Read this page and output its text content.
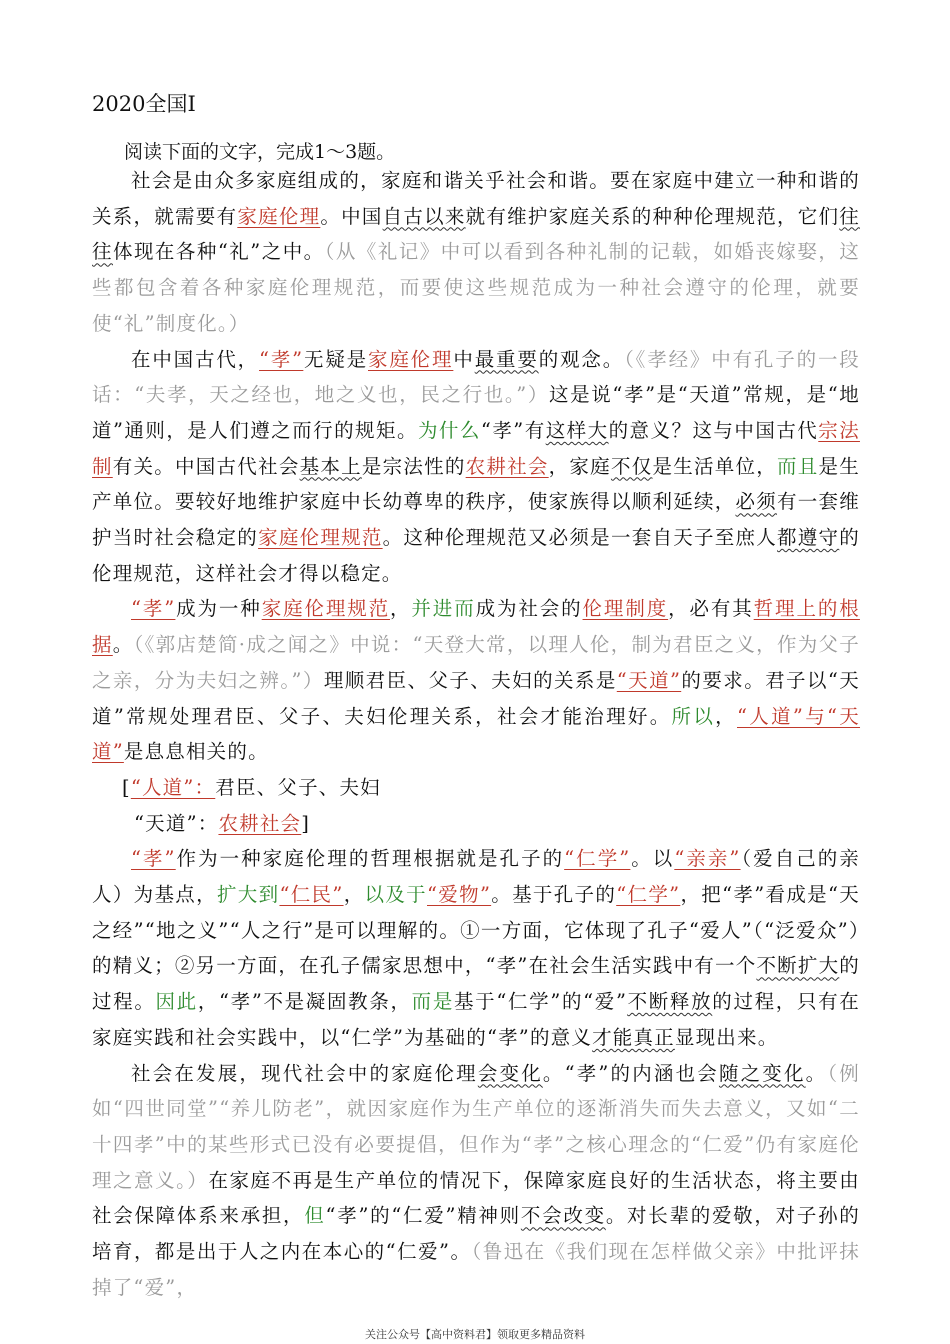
2020全国Ⅰ
阅读下面的文字，完成1～3题。

社会是由众多家庭组成的，家庭和谐关乎社会和谐。要在家庭中建立一种和谐的关系，就需要有家庭伦理。中国自古以来就有维护家庭关系的种种伦理规范，它们往往体现在各种“礼”之中。（从《礼记》中可以看到各种礼制的记载，如婚丧嫁娶，这些都包含着各种家庭伦理规范，而要使这些规范成为一种社会遵守的伦理，就要使“礼”制度化。）

在中国古代，“孝”无疑是家庭伦理中最重要的观念。（《孝经》中有孔子的一段话：“夫孝，天之经也，地之义也，民之行也。”）这是说“孝”是“天道”常规，是“地道”通则，是人们遵之而行的规矩。为什么“孝”有这样大的意义？这与中国古代宗法制有关。中国古代社会基本上是宗法性的农耕社会，家庭不仅是生活单位，而且是生产单位。要较好地维护家庭中长幼尊卑的秩序，使家族得以顺利延续，必须有一套维护当时社会稳定的家庭伦理规范。这种伦理规范又必须是一套自天子至庶人都遵守的伦理规范，这样社会才得以稳定。

“孝”成为一种家庭伦理规范，并进而成为社会的伦理制度，必有其哲理上的根据。（《郭店楚简·成之闻之》中说：“天登大常，以理人伦，制为君臣之义，作为父子之亲，分为夫妇之辨。”）理顺君臣、父子、夫妇的关系是“天道”的要求。君子以“天道”常规处理君臣、父子、夫妇伦理关系，社会才能治理好。所以，“人道”与“天道”是息息相关的。

[“人道”：君臣、父子、夫妇

“天道”：农耕社会]

“孝”作为一种家庭伦理的哲理根据就是孔子的“仁学”。以“亲亲”（爱自己的亲人）为基点，扩大到“仁民”，以及于“爱物”。基于孔子的“仁学”，把“孝”看成是“天之经”“地之义”“人之行”是可以理解的。①一方面，它体现了孔子“爱人”（“泛爱众”）的精义；②另一方面，在孔子儒家思想中，“孝”在社会生活实践中有一个不断扩大的过程。因此，“孝”不是凝固教条，而是基于“仁学”的“爱”不断释放的过程，只有在家庭实践和社会实践中，以“仁学”为基础的“孝”的意义才能真正显现出来。

社会在发展，现代社会中的家庭伦理会变化。“孝”的内涵也会随之变化。（例如“四世同堂”“养儿防老”，就因家庭作为生产单位的逐渐消失而失去意义，又如“二十四孝”中的某些形式已没有必要提倡，但作为“孝”之核心理念的“仁爱”仍有家庭伦理之意义。）在家庭不再是生产单位的情况下，保障家庭良好的生活状态，将主要由社会保障体系来承担，但“孝”的“仁爱”精神则不会改变。对长辈的爱敬，对子孙的培育，都是出于人之内在本心的“仁爱”。（鲁迅在《我们现在怎样做父亲》中批评抹掉了“爱”，

关注公众号【高中资料君】领取更多精品资料
